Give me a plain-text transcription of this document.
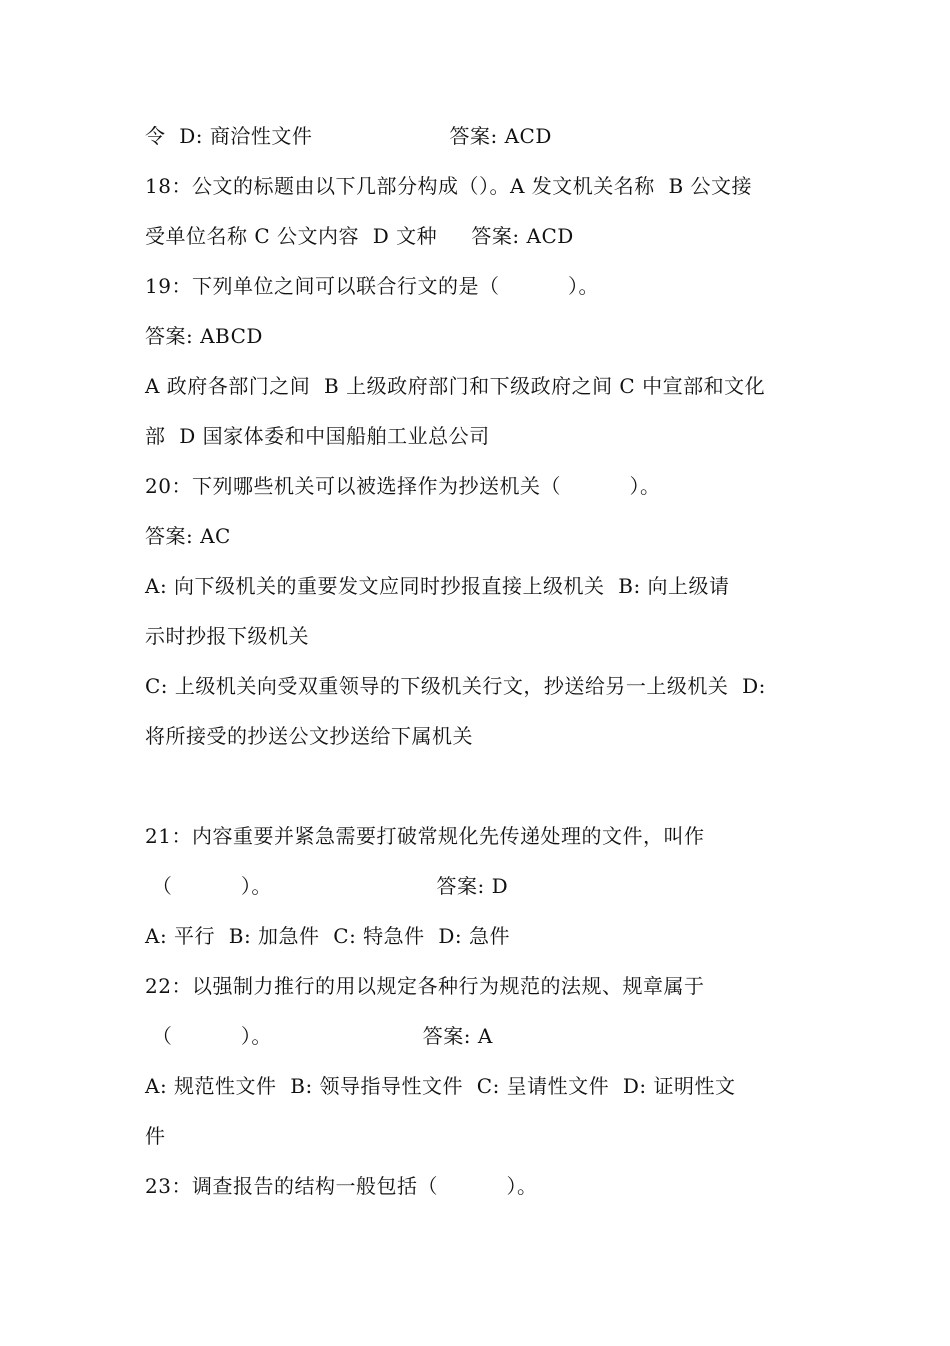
令  D: 商洽性文件                    答案: ACD
18：公文的标题由以下几部分构成（）。A 发文机关名称  B 公文接
受单位名称 C 公文内容  D 文种     答案: ACD
19：下列单位之间可以联合行文的是（          ）。
答案: ABCD
A 政府各部门之间  B 上级政府部门和下级政府之间 C 中宣部和文化
部  D 国家体委和中国船舶工业总公司
20：下列哪些机关可以被选择作为抄送机关（          ）。
答案: AC
A: 向下级机关的重要发文应同时抄报直接上级机关  B: 向上级请
示时抄报下级机关
C: 上级机关向受双重领导的下级机关行文，抄送给另一上级机关  D:
将所接受的抄送公文抄送给下属机关
21：内容重要并紧急需要打破常规化先传递处理的文件，叫作
（          ）。                        答案: D
A: 平行  B: 加急件  C: 特急件  D: 急件
22：以强制力推行的用以规定各种行为规范的法规、规章属于
（          ）。                      答案: A
A: 规范性文件  B: 领导指导性文件  C: 呈请性文件  D: 证明性文
件
23：调查报告的结构一般包括（          ）。
